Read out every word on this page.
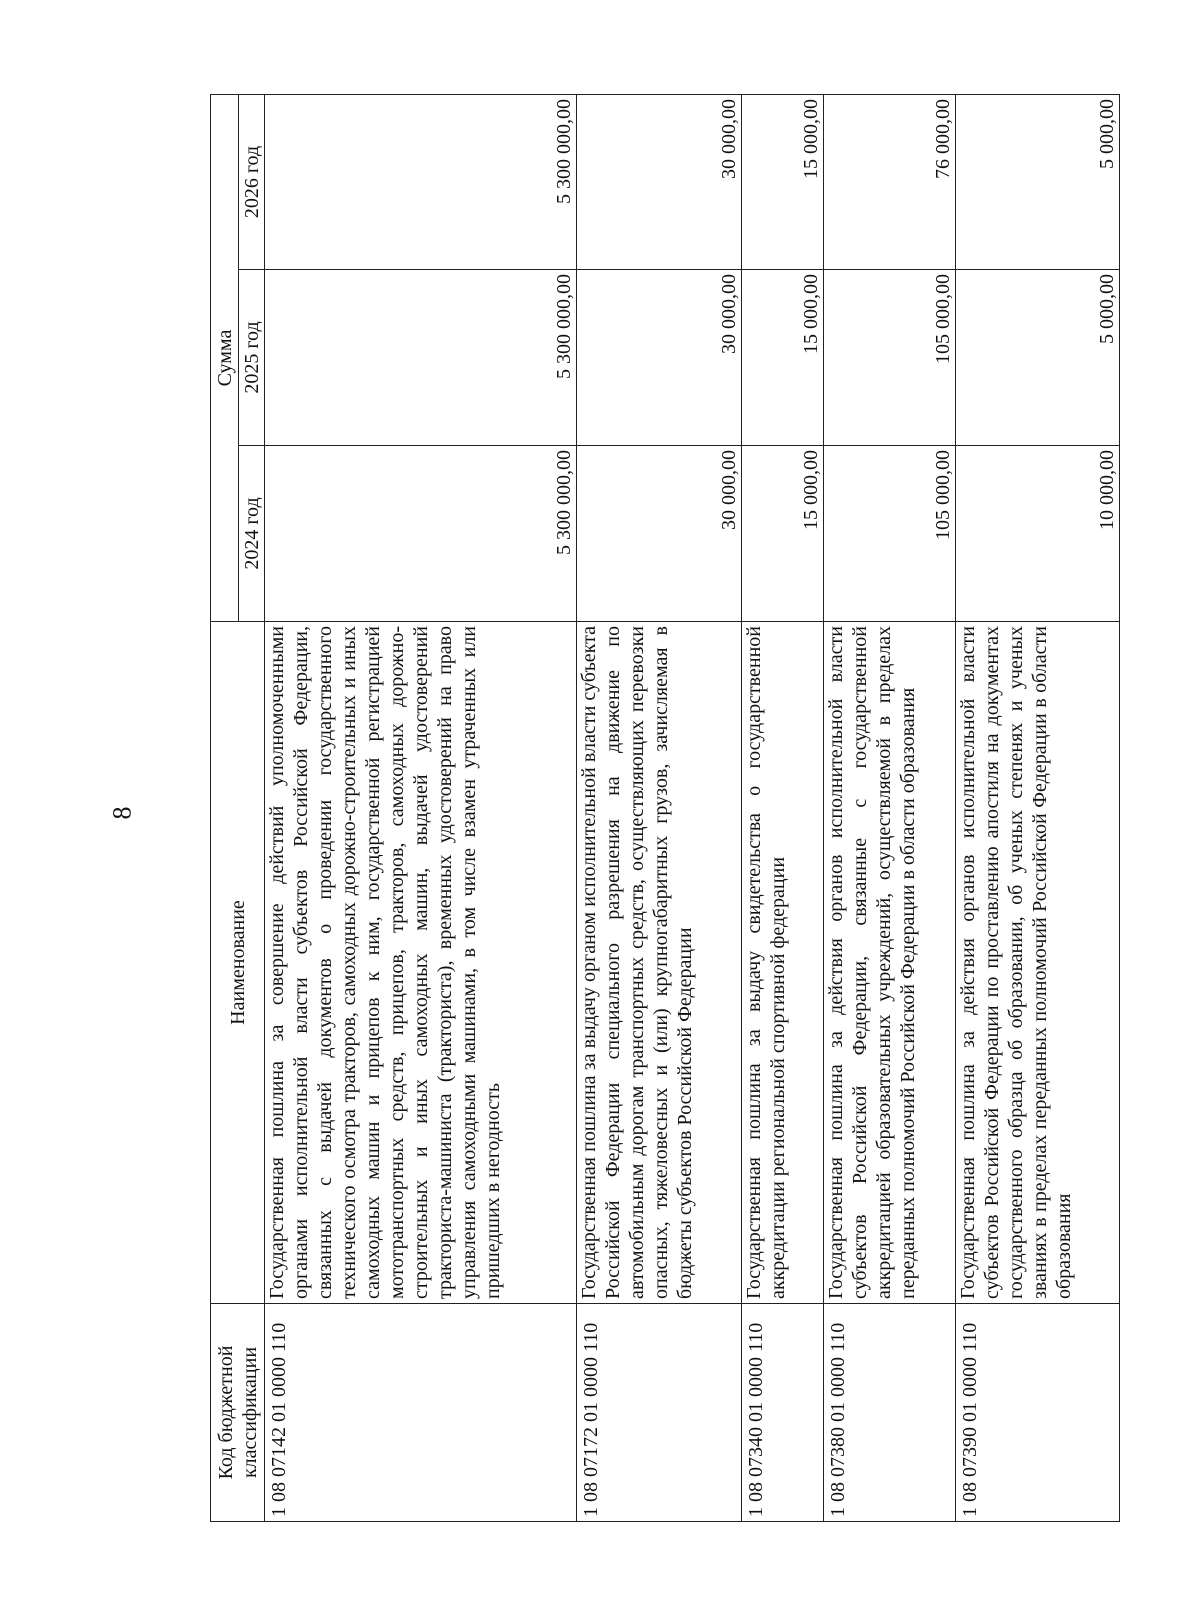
8
Код бюджетной классификации	Наименование	Сумма		
		2024 год	2025 год	2026 год
1 08 07142 01 0000 110	Государственная пошлина за совершение действий уполномоченными органами исполнительной власти субъектов Российской Федерации, связанных с выдачей документов о проведении государственного технического осмотра тракторов, самоходных дорожно-строительных и иных самоходных машин и прицепов к ним, государственной регистрацией мототранспортных средств, прицепов, тракторов, самоходных дорожно-строительных и иных самоходных машин, выдачей удостоверений тракториста-машиниста (тракториста), временных удостоверений на право управления самоходными машинами, в том числе взамен утраченных или пришедших в негодность	5 300 000,00	5 300 000,00	5 300 000,00
1 08 07172 01 0000 110	Государственная пошлина за выдачу органом исполнительной власти субъекта Российской Федерации специального разрешения на движение по автомобильным дорогам транспортных средств, осуществляющих перевозки опасных, тяжеловесных и (или) крупногабаритных грузов, зачисляемая в бюджеты субъектов Российской Федерации	30 000,00	30 000,00	30 000,00
1 08 07340 01 0000 110	Государственная пошлина за выдачу свидетельства о государственной аккредитации региональной спортивной федерации	15 000,00	15 000,00	15 000,00
1 08 07380 01 0000 110	Государственная пошлина за действия органов исполнительной власти субъектов Российской Федерации, связанные с государственной аккредитацией образовательных учреждений, осуществляемой в пределах переданных полномочий Российской Федерации в области образования	105 000,00	105 000,00	76 000,00
1 08 07390 01 0000 110	Государственная пошлина за действия органов исполнительной власти субъектов Российской Федерации по проставлению апостиля на документах государственного образца об образовании, об ученых степенях и ученых званиях в пределах переданных полномочий Российской Федерации в области образования	10 000,00	5 000,00	5 000,00
